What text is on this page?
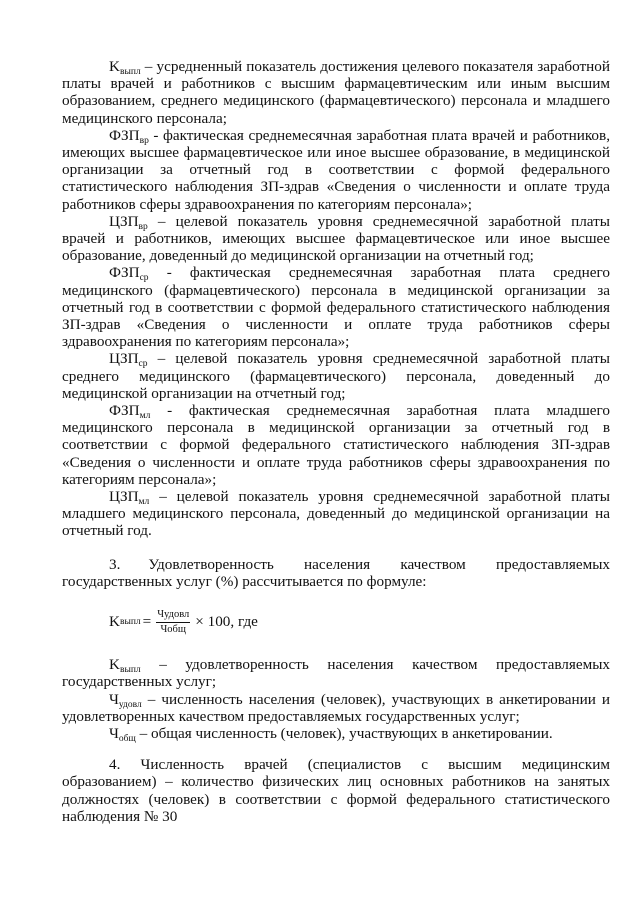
$K_{выпл}$ – усредненный показатель достижения целевого показателя заработной платы врачей и работников с высшим фармацевтическим или иным высшим образованием, среднего медицинского (фармацевтического) персонала и младшего медицинского персонала;

$ФЗП_{вр}$ - фактическая среднемесячная заработная плата врачей и работников, имеющих высшее фармацевтическое или иное высшее образование, в медицинской организации за отчетный год в соответствии с формой федерального статистического наблюдения ЗП-здрав «Сведения о численности и оплате труда работников сферы здравоохранения по категориям персонала»;

$ЦЗП_{вр}$ – целевой показатель уровня среднемесячной заработной платы врачей и работников, имеющих высшее фармацевтическое или иное высшее образование, доведенный до медицинской организации на отчетный год;

$ФЗП_{ср}$ - фактическая среднемесячная заработная плата среднего медицинского (фармацевтического) персонала в медицинской организации за отчетный год в соответствии с формой федерального статистического наблюдения ЗП-здрав «Сведения о численности и оплате труда работников сферы здравоохранения по категориям персонала»;

$ЦЗП_{ср}$ – целевой показатель уровня среднемесячной заработной платы среднего медицинского (фармацевтического) персонала, доведенный до медицинской организации на отчетный год;

$ФЗП_{мл}$ - фактическая среднемесячная заработная плата младшего медицинского персонала в медицинской организации за отчетный год в соответствии с формой федерального статистического наблюдения ЗП-здрав «Сведения о численности и оплате труда работников сферы здравоохранения по категориям персонала»;

$ЦЗП_{мл}$ – целевой показатель уровня среднемесячной заработной платы младшего медицинского персонала, доведенный до медицинской организации на отчетный год.

3. Удовлетворенность населения качеством предоставляемых государственных услуг (%) рассчитывается по формуле:

K выпл = $\frac{\text{Чудовл}}{\text{Чобщ}} \times 100$, где

$K_{выпл}$ – удовлетворенность населения качеством предоставляемых государственных услуг;

$Ч_{удовл}$ – численность населения (человек), участвующих в анкетировании и удовлетворенных качеством предоставляемых государственных услуг;

$Ч_{общ}$ – общая численность (человек), участвующих в анкетировании.

4. Численность врачей (специалистов с высшим медицинским образованием) – количество физических лиц основных работников на занятых должностях (человек) в соответствии с формой федерального статистического наблюдения № 30
